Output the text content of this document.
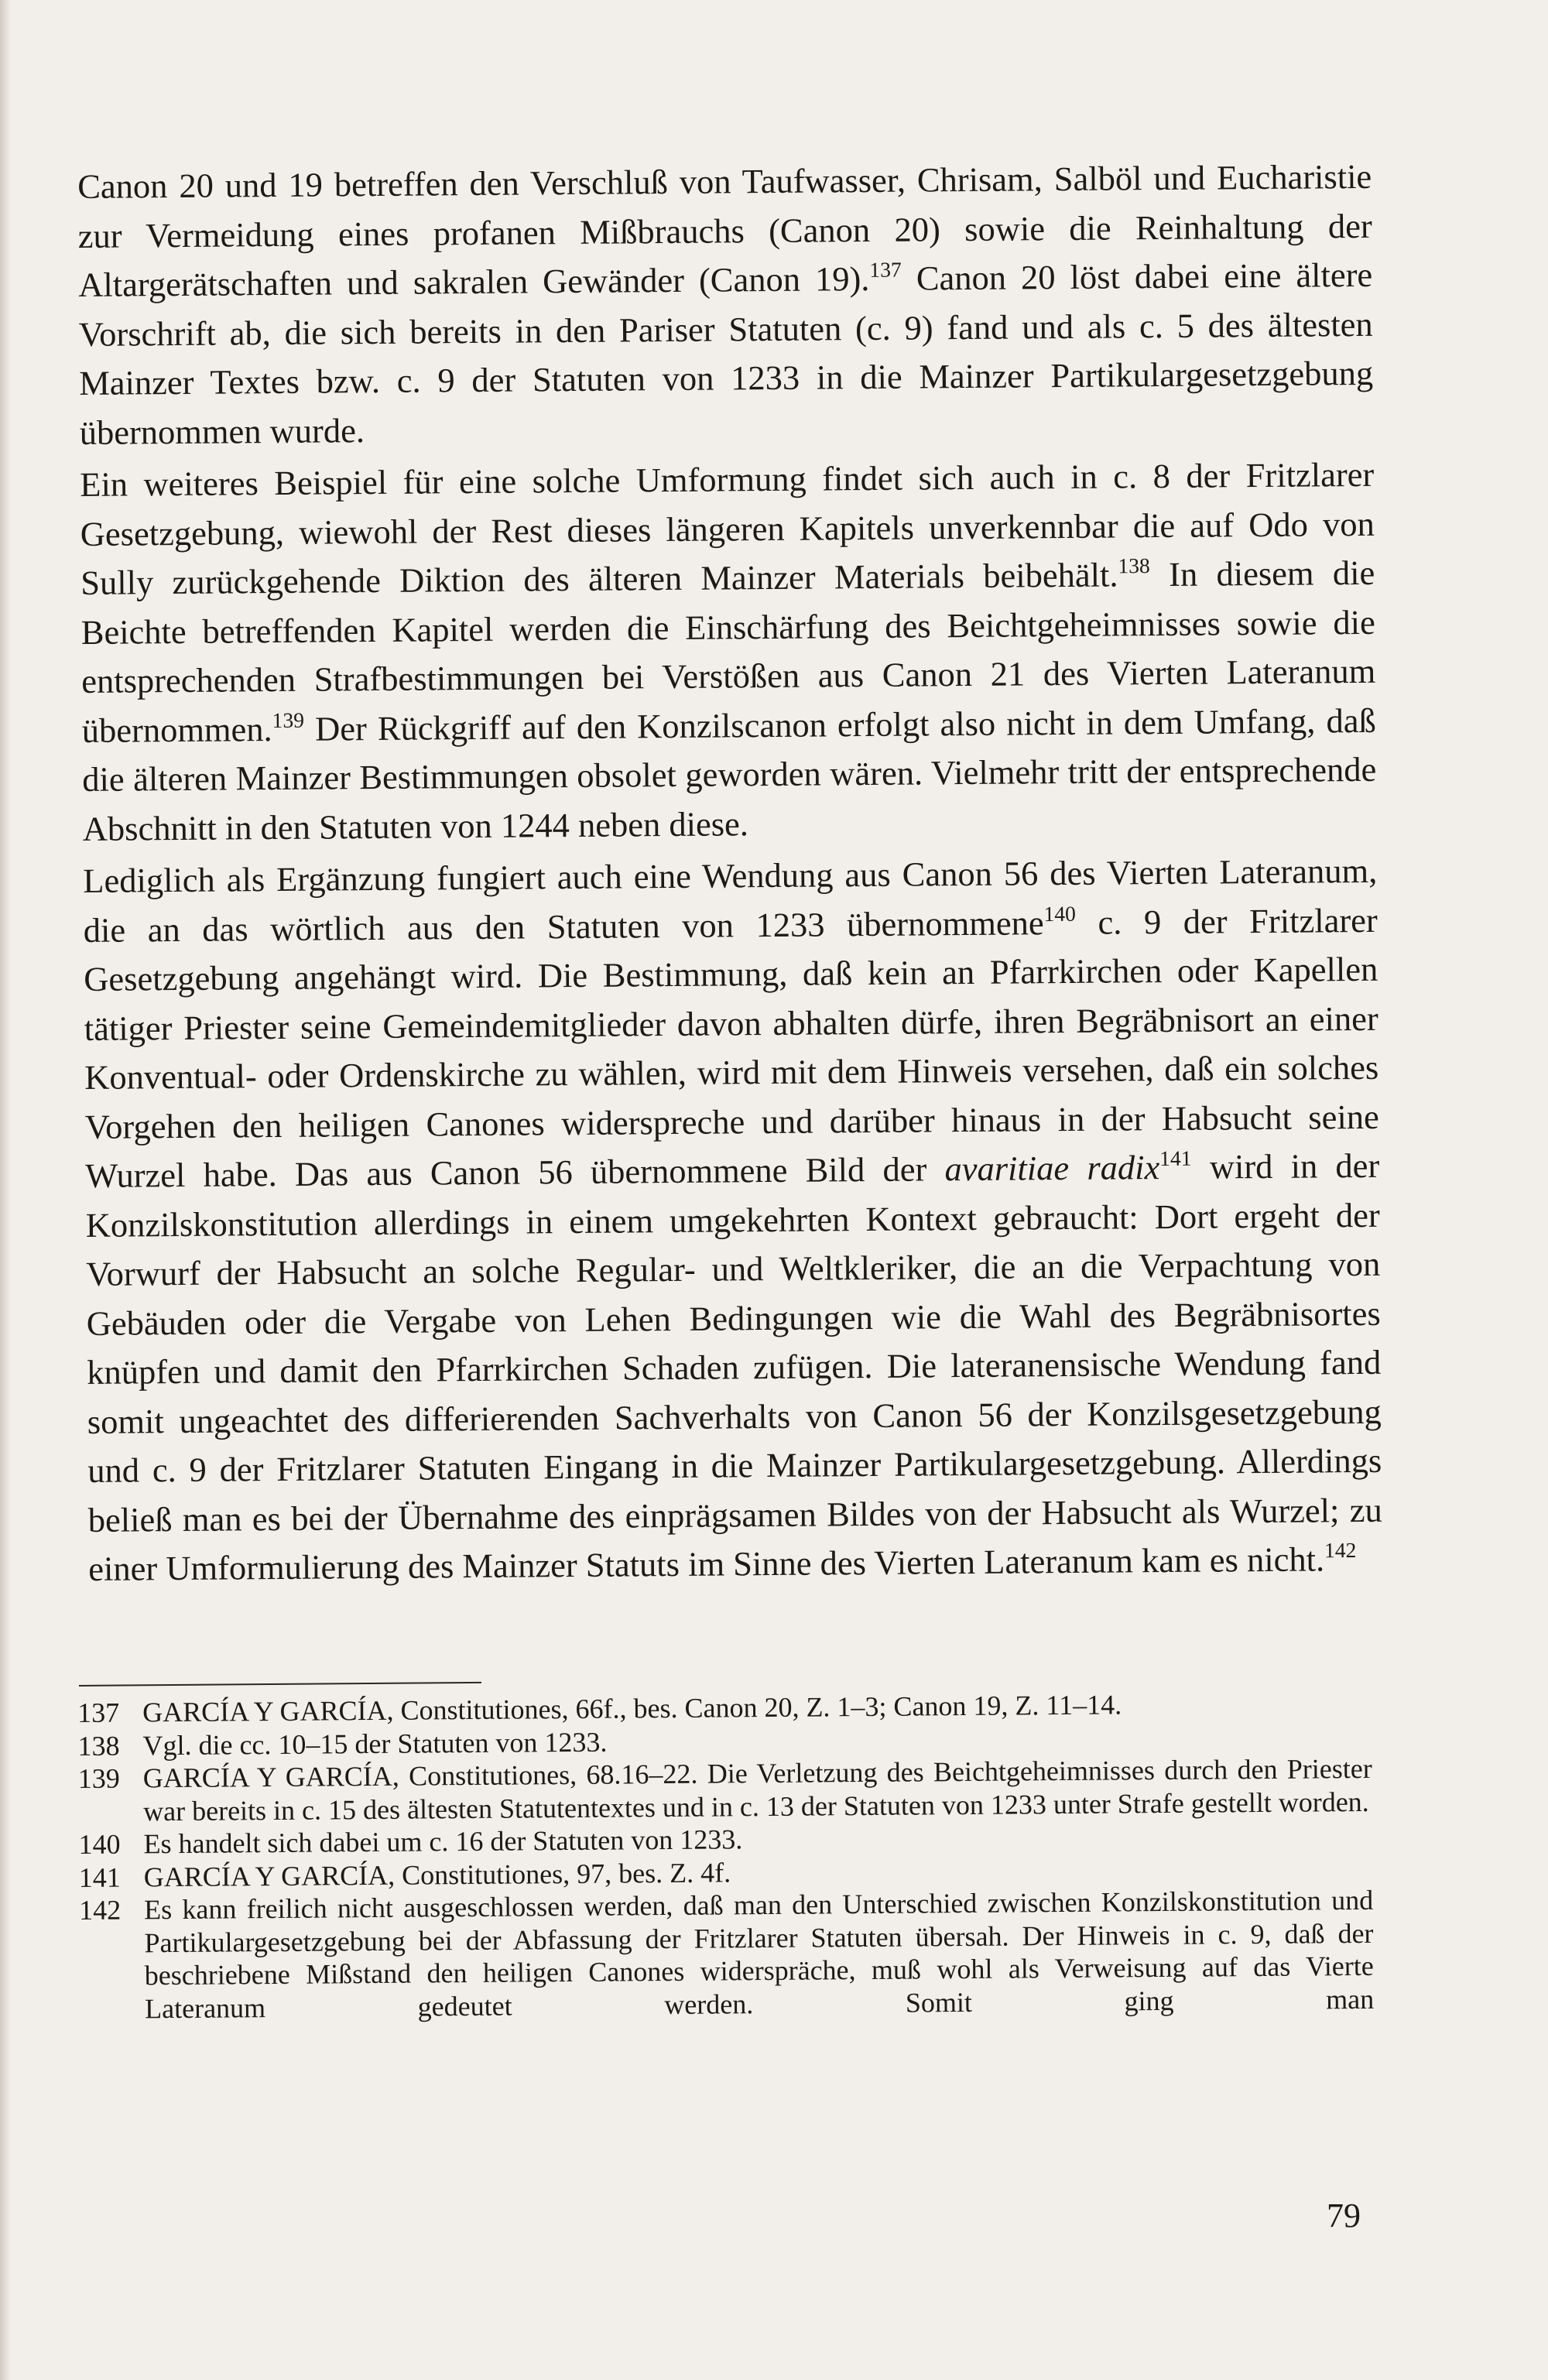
Canon 20 und 19 betreffen den Verschluß von Taufwasser, Chrisam, Salböl und Eucharistie zur Vermeidung eines profanen Mißbrauchs (Canon 20) sowie die Reinhaltung der Altargerätschaften und sakralen Gewänder (Canon 19).$^{137}$ Canon 20 löst dabei eine ältere Vorschrift ab, die sich bereits in den Pariser Statuten (c. 9) fand und als c. 5 des ältesten Mainzer Textes bzw. c. 9 der Statuten von 1233 in die Mainzer Partikulargesetzgebung übernommen wurde.

Ein weiteres Beispiel für eine solche Umformung findet sich auch in c. 8 der Fritzlarer Gesetzgebung, wiewohl der Rest dieses längeren Kapitels unverkennbar die auf Odo von Sully zurückgehende Diktion des älteren Mainzer Materials beibehält.$^{138}$ In diesem die Beichte betreffenden Kapitel werden die Einschärfung des Beichtgeheimnisses sowie die entsprechenden Strafbestimmungen bei Verstößen aus Canon 21 des Vierten Lateranum übernommen.$^{139}$ Der Rückgriff auf den Konzilscanon erfolgt also nicht in dem Umfang, daß die älteren Mainzer Bestimmungen obsolet geworden wären. Vielmehr tritt der entsprechende Abschnitt in den Statuten von 1244 neben diese.

Lediglich als Ergänzung fungiert auch eine Wendung aus Canon 56 des Vierten Lateranum, die an das wörtlich aus den Statuten von 1233 übernommene$^{140}$ c. 9 der Fritzlarer Gesetzgebung angehängt wird. Die Bestimmung, daß kein an Pfarrkirchen oder Kapellen tätiger Priester seine Gemeindemitglieder davon abhalten dürfe, ihren Begräbnisort an einer Konventual- oder Ordenskirche zu wählen, wird mit dem Hinweis versehen, daß ein solches Vorgehen den heiligen Canones widerspreche und darüber hinaus in der Habsucht seine Wurzel habe. Das aus Canon 56 übernommene Bild der avaritiae radix$^{141}$ wird in der Konzilskonstitution allerdings in einem umgekehrten Kontext gebraucht: Dort ergeht der Vorwurf der Habsucht an solche Regular- und Weltkleriker, die an die Verpachtung von Gebäuden oder die Vergabe von Lehen Bedingungen wie die Wahl des Begräbnisortes knüpfen und damit den Pfarrkirchen Schaden zufügen. Die lateranensische Wendung fand somit ungeachtet des differierenden Sachverhalts von Canon 56 der Konzilsgesetzgebung und c. 9 der Fritzlarer Statuten Eingang in die Mainzer Partikulargesetzgebung. Allerdings beließ man es bei der Übernahme des einprägsamen Bildes von der Habsucht als Wurzel; zu einer Umformulierung des Mainzer Statuts im Sinne des Vierten Lateranum kam es nicht.$^{142}$

137 GARCÍA Y GARCÍA, Constitutiones, 66f., bes. Canon 20, Z. 1–3; Canon 19, Z. 11–14.
138 Vgl. die cc. 10–15 der Statuten von 1233.
139 GARCÍA Y GARCÍA, Constitutiones, 68.16–22. Die Verletzung des Beichtgeheimnisses durch den Priester war bereits in c. 15 des ältesten Statutentextes und in c. 13 der Statuten von 1233 unter Strafe gestellt worden.
140 Es handelt sich dabei um c. 16 der Statuten von 1233.
141 GARCÍA Y GARCÍA, Constitutiones, 97, bes. Z. 4f.
142 Es kann freilich nicht ausgeschlossen werden, daß man den Unterschied zwischen Konzilskonstitution und Partikulargesetzgebung bei der Abfassung der Fritzlarer Statuten übersah. Der Hinweis in c. 9, daß der beschriebene Mißstand den heiligen Canones widerspräche, muß wohl als Verweisung auf das Vierte Lateranum gedeutet werden. Somit ging man
79
